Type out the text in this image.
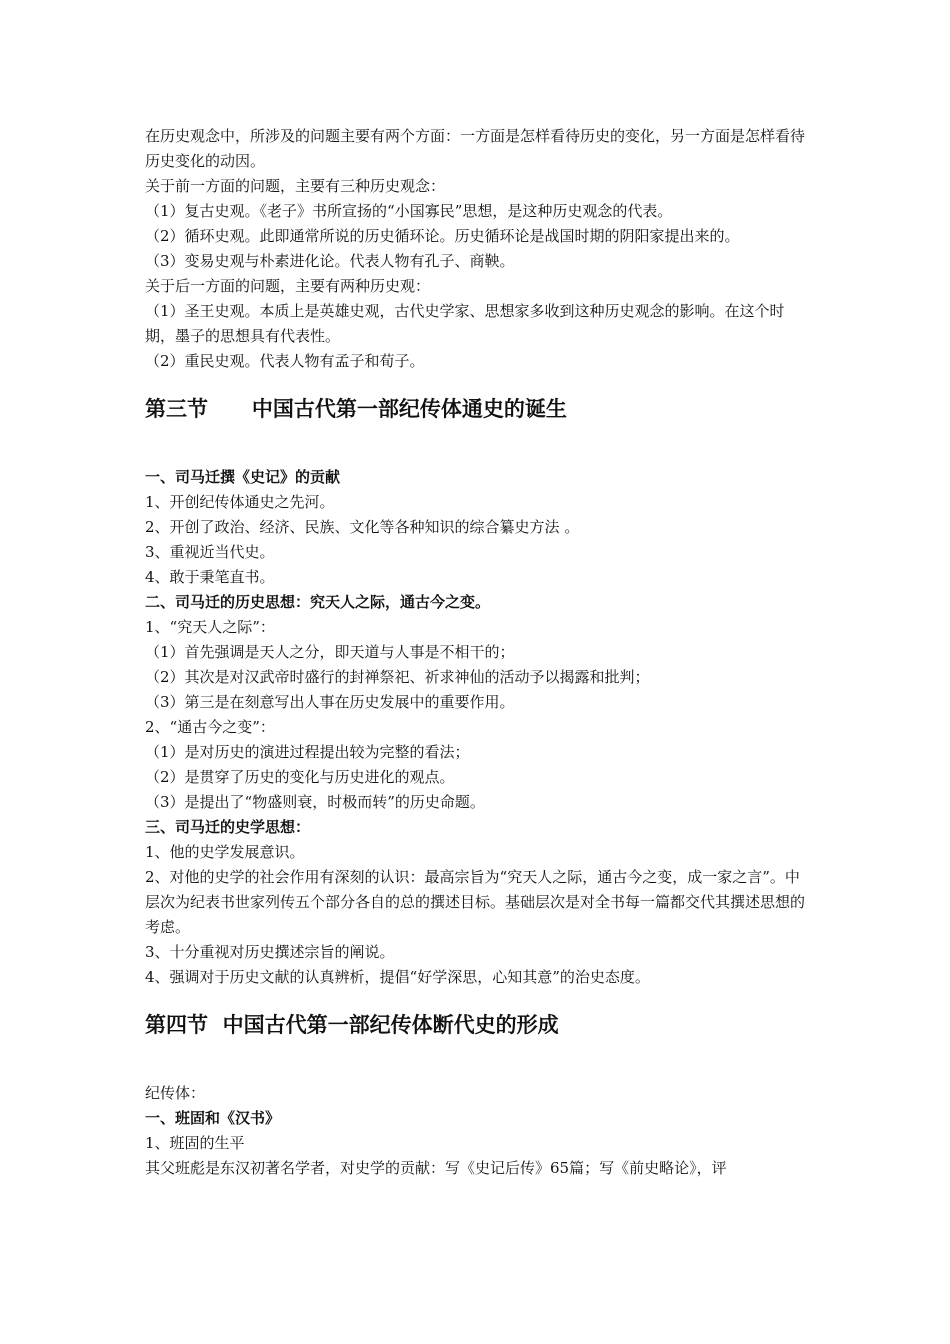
在历史观念中，所涉及的问题主要有两个方面：一方面是怎样看待历史的变化，另一方面是怎样看待历史变化的动因。

关于前一方面的问题，主要有三种历史观念：

（1）复古史观。《老子》书所宣扬的“小国寡民”思想，是这种历史观念的代表。

（2）循环史观。此即通常所说的历史循环论。历史循环论是战国时期的阴阳家提出来的。

（3）变易史观与朴素进化论。代表人物有孔子、商鞅。

关于后一方面的问题，主要有两种历史观：

（1）圣王史观。本质上是英雄史观，古代史学家、思想家多收到这种历史观念的影响。在这个时期，墨子的思想具有代表性。

（2）重民史观。代表人物有孟子和荀子。

第三节      中国古代第一部纪传体通史的诞生

一、司马迁撰《史记》的贡献

1、开创纪传体通史之先河。

2、开创了政治、经济、民族、文化等各种知识的综合纂史方法 。

3、重视近当代史。

4、敢于秉笔直书。

二、司马迁的历史思想：究天人之际，通古今之变。

1、“究天人之际”：

（1）首先强调是天人之分，即天道与人事是不相干的；

（2）其次是对汉武帝时盛行的封禅祭祀、祈求神仙的活动予以揭露和批判；

（3）第三是在刻意写出人事在历史发展中的重要作用。

2、“通古今之变”：

（1）是对历史的演进过程提出较为完整的看法；

（2）是贯穿了历史的变化与历史进化的观点。

（3）是提出了“物盛则衰，时极而转”的历史命题。

三、司马迁的史学思想：

1、他的史学发展意识。

2、对他的史学的社会作用有深刻的认识：最高宗旨为“究天人之际，通古今之变，成一家之言”。中层次为纪表书世家列传五个部分各自的总的撰述目标。基础层次是对全书每一篇都交代其撰述思想的考虑。

3、十分重视对历史撰述宗旨的阐说。

4、强调对于历史文献的认真辨析，提倡“好学深思，心知其意”的治史态度。

第四节  中国古代第一部纪传体断代史的形成

纪传体：

一、班固和《汉书》

1、班固的生平

其父班彪是东汉初著名学者，对史学的贡献：写《史记后传》65篇；写《前史略论》，评
